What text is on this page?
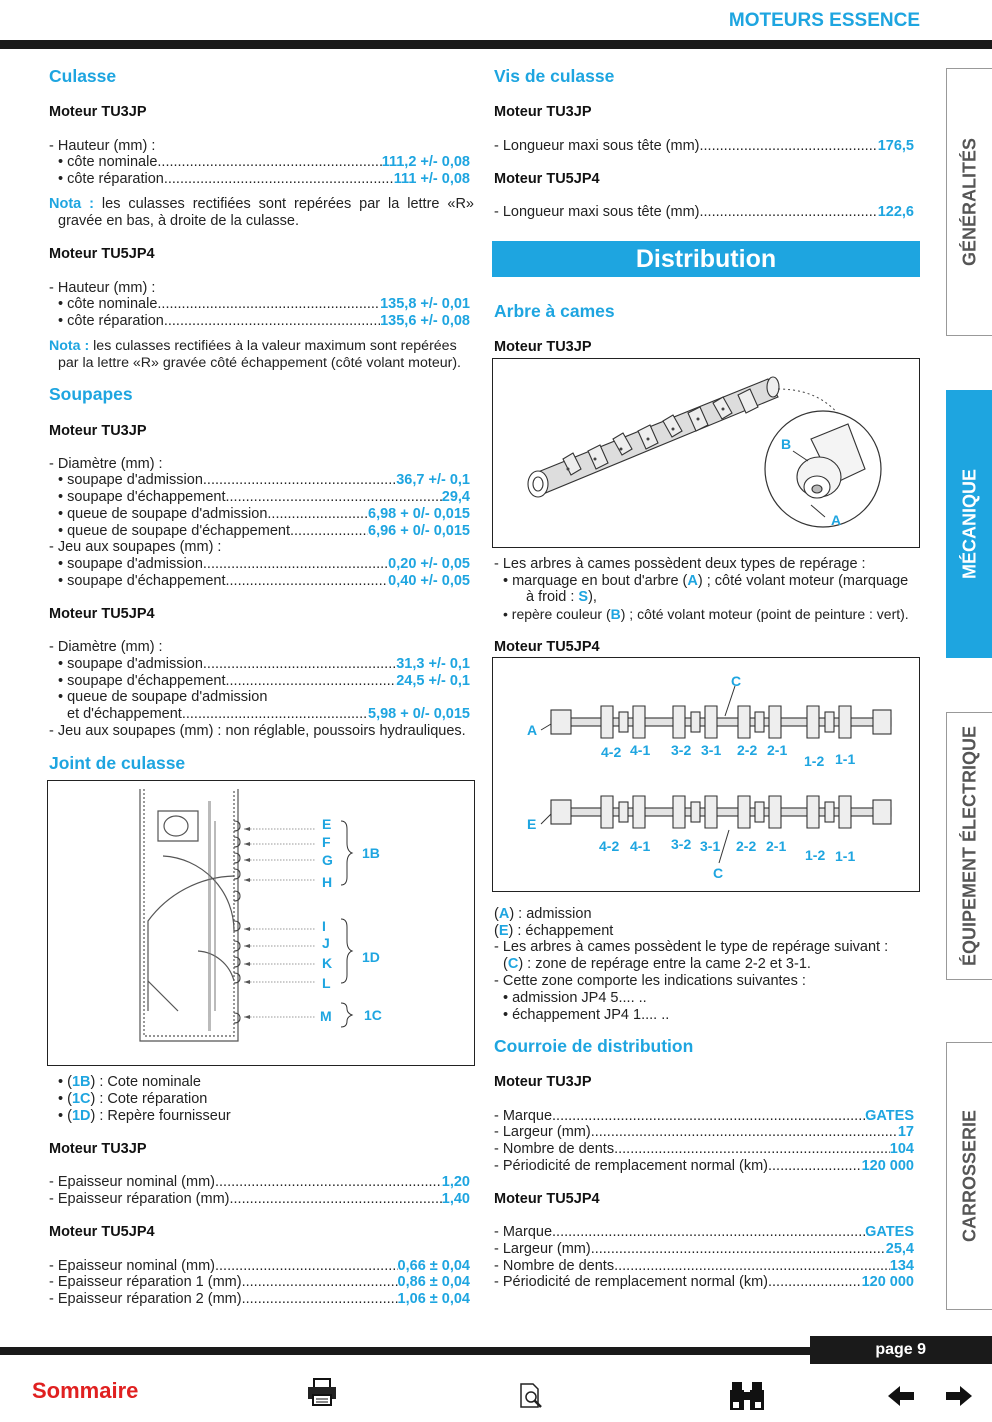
MOTEURS ESSENCE
Culasse
Moteur TU3JP
- Hauteur (mm) :
• côte nominale .....	111,2 +/- 0,08
• côte réparation .....	111 +/- 0,08
Nota : les culasses rectifiées sont repérées par la lettre «R» gravée en bas, à droite de la culasse.
Moteur TU5JP4
- Hauteur (mm) :
• côte nominale .....	135,8 +/- 0,01
• côte réparation .....	135,6 +/- 0,08
Nota : les culasses rectifiées à la valeur maximum sont repérées par la lettre «R» gravée côté échappement (côté volant moteur).
Soupapes
Moteur TU3JP
- Diamètre (mm) :
• soupape d'admission .....	36,7 +/- 0,1
• soupape d'échappement .....	29,4
• queue de soupape d'admission .....	6,98 + 0/- 0,015
• queue de soupape d'échappement .....	6,96 + 0/- 0,015
- Jeu aux soupapes (mm) :
• soupape d'admission .....	0,20 +/- 0,05
• soupape d'échappement .....	0,40 +/- 0,05
Moteur TU5JP4
- Diamètre (mm) :
• soupape d'admission .....	31,3 +/- 0,1
• soupape d'échappement .....	24,5 +/- 0,1
• queue de soupape d'admission
et d'échappement .....	5,98 + 0/- 0,015
- Jeu aux soupapes (mm) : non réglable, poussoirs hydrauliques.
Joint de culasse
E
F
G
H
I
J
K
L
M
1B
1D
1C
• (1B) : Cote nominale
• (1C) : Cote réparation
• (1D) : Repère fournisseur
Moteur TU3JP
- Epaisseur nominal (mm) .....	1,20
- Epaisseur réparation (mm) .....	1,40
Moteur TU5JP4
- Epaisseur nominal (mm) .....	0,66 ± 0,04
- Epaisseur réparation 1 (mm) .....	0,86 ± 0,04
- Epaisseur réparation 2 (mm) .....	1,06 ± 0,04
Vis de culasse
Moteur TU3JP
- Longueur maxi sous tête (mm) .....	176,5
Moteur TU5JP4
- Longueur maxi sous tête (mm) .....	122,6
Distribution
Arbre à cames
Moteur TU3JP
B
A
- Les arbres à cames possèdent deux types de repérage :
• marquage en bout d'arbre (A) ; côté volant moteur (marquage
à froid : S),
• repère couleur (B) ; côté volant moteur (point de peinture : vert).
Moteur TU5JP4
A
C
4-2 4-1 3-2 3-1 2-2 2-1
1-2 1-1
E
4-2 4-1 3-2 3-1 2-2 2-1
1-2 1-1
C
(A) : admission
(E) : échappement
- Les arbres à cames possèdent le type de repérage suivant :
(C) : zone de repérage entre la came 2-2 et 3-1.
- Cette zone comporte les indications suivantes :
• admission JP4 5.... ..
• échappement JP4 1.... ..
Courroie de distribution
Moteur TU3JP
- Marque .....	GATES
- Largeur (mm) .....	17
- Nombre de dents .....	104
- Périodicité de remplacement normal (km) .....	120 000
Moteur TU5JP4
- Marque .....	GATES
- Largeur (mm) .....	25,4
- Nombre de dents .....	134
- Périodicité de remplacement normal (km) .....	120 000
GÉNÉRALITÉS
MÉCANIQUE
ÉQUIPEMENT ÉLECTRIQUE
CARROSSERIE
page 9
Sommaire
